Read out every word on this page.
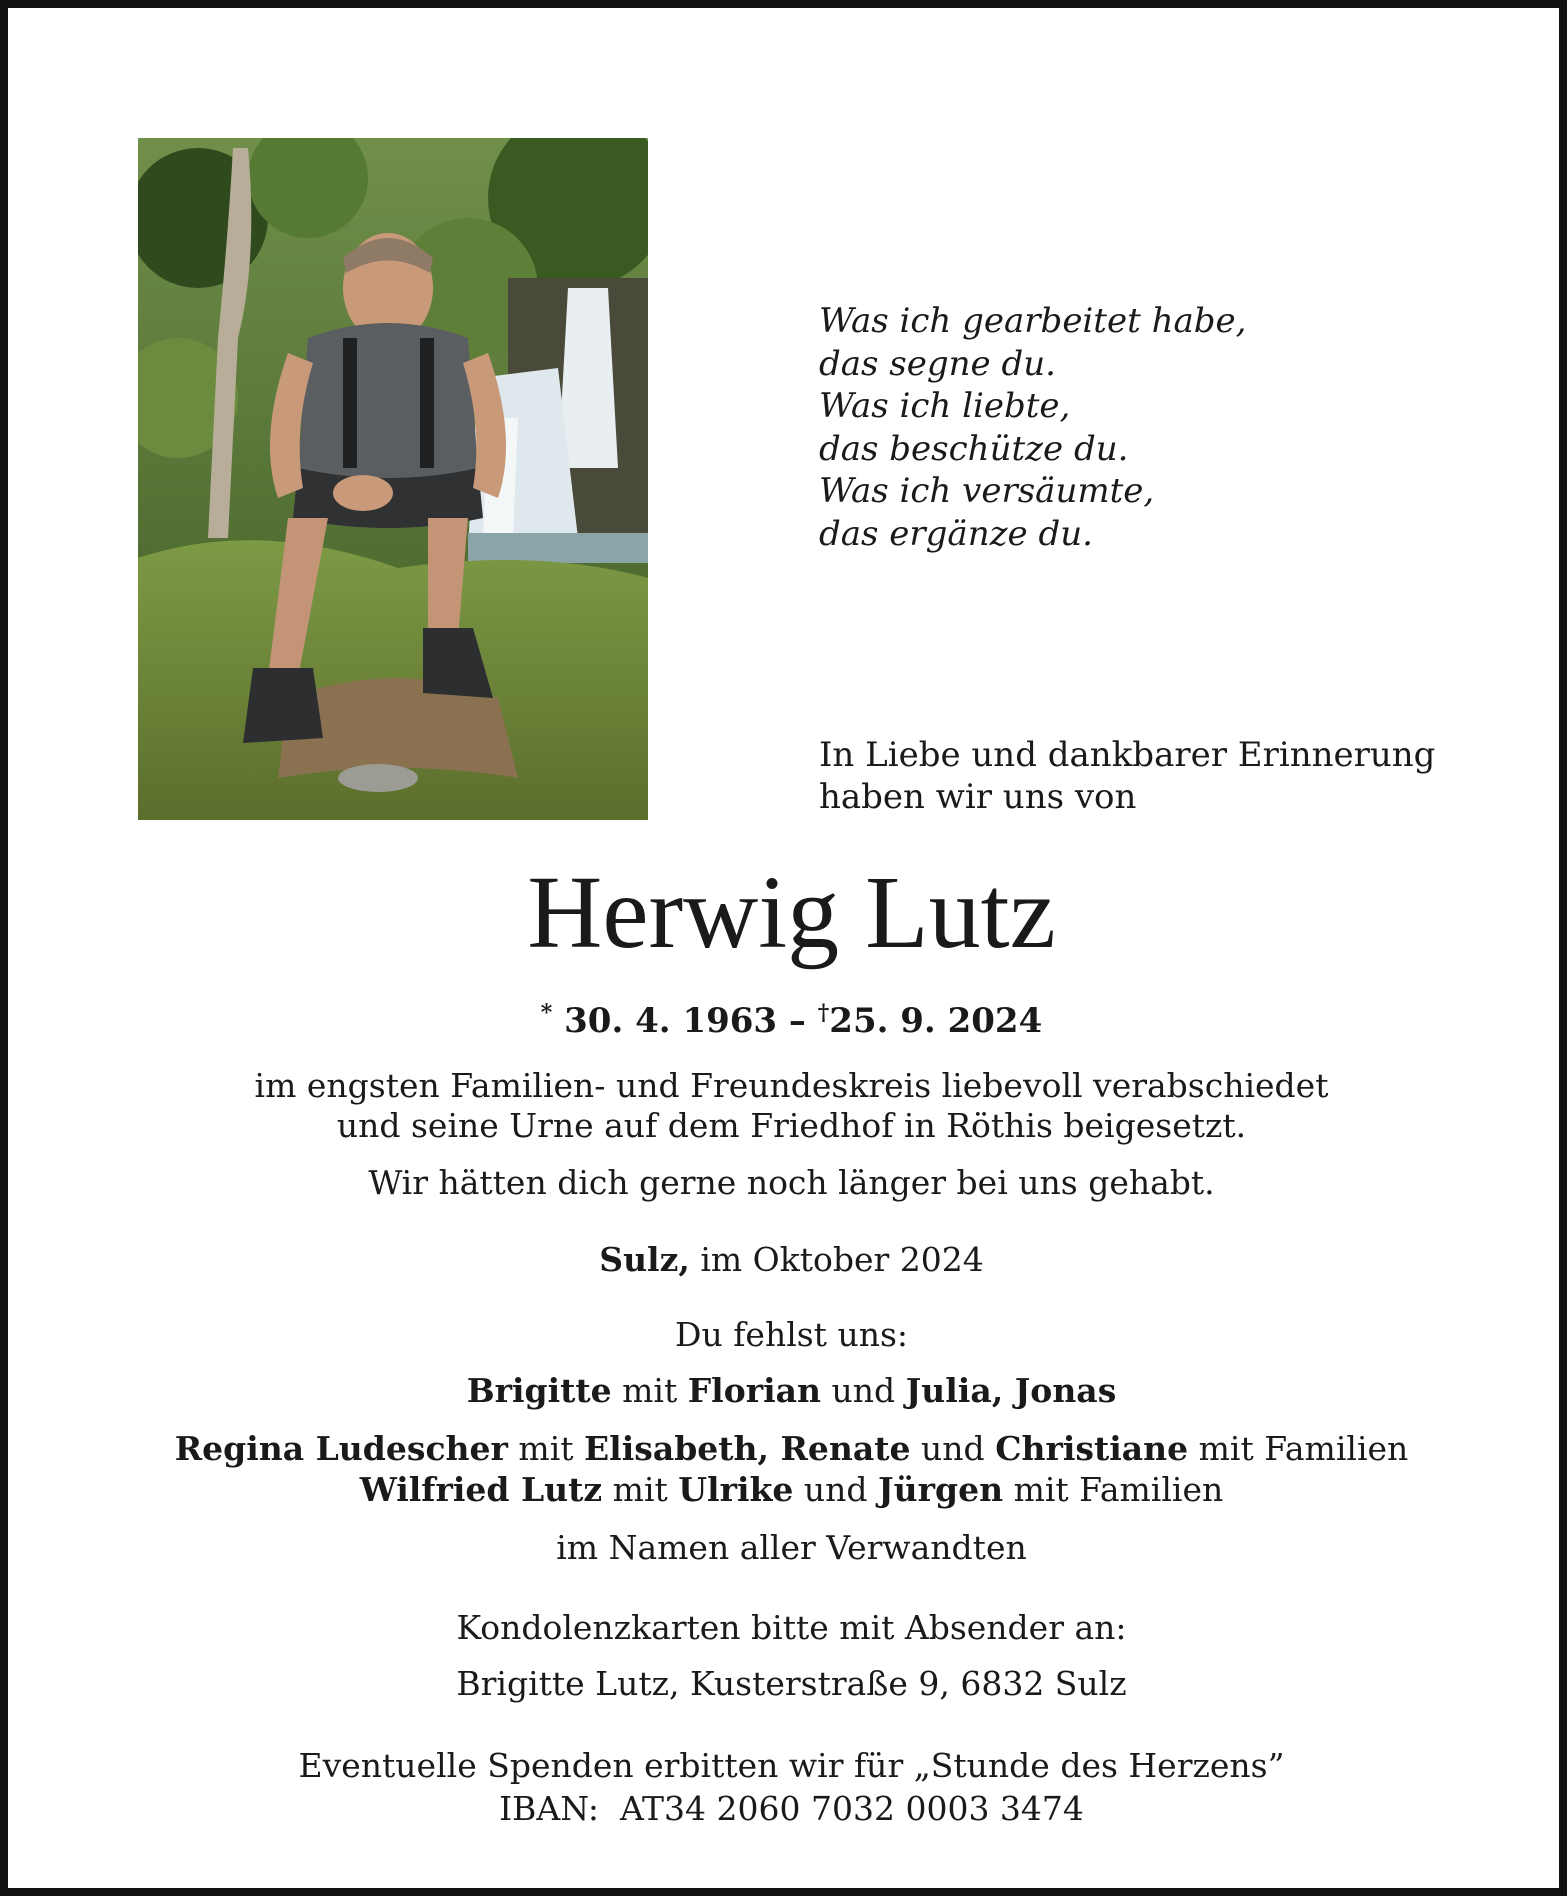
Was ich gearbeitet habe,
das segne du.
Was ich liebte,
das beschütze du.
Was ich versäumte,
das ergänze du.
In Liebe und dankbarer Erinnerung
haben wir uns von
Herwig Lutz
* 30. 4. 1963 – †25. 9. 2024
im engsten Familien- und Freundeskreis liebevoll verabschiedet
und seine Urne auf dem Friedhof in Röthis beigesetzt.
Wir hätten dich gerne noch länger bei uns gehabt.
Sulz, im Oktober 2024
Du fehlst uns:
Brigitte mit Florian und Julia, Jonas
Regina Ludescher mit Elisabeth, Renate und Christiane mit Familien
Wilfried Lutz mit Ulrike und Jürgen mit Familien
im Namen aller Verwandten
Kondolenzkarten bitte mit Absender an:
Brigitte Lutz, Kusterstraße 9, 6832 Sulz
Eventuelle Spenden erbitten wir für „Stunde des Herzens”
IBAN:  AT34 2060 7032 0003 3474
